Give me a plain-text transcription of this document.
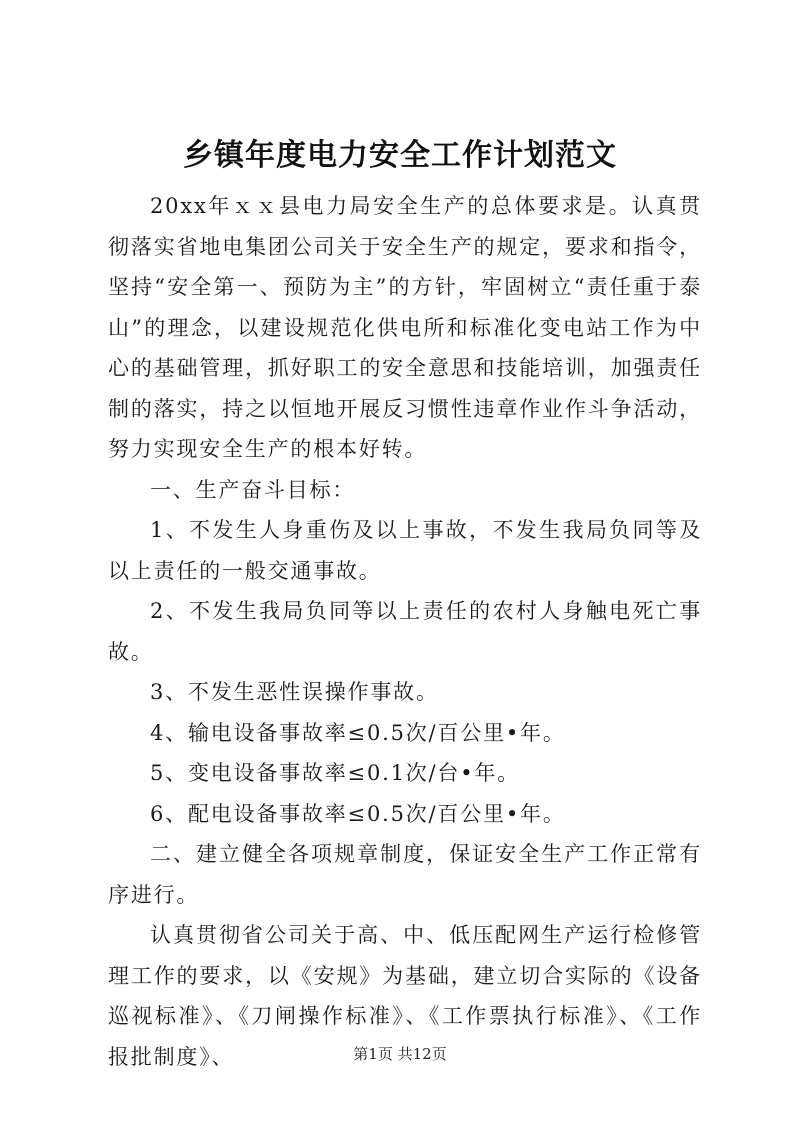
乡镇年度电力安全工作计划范文

20xx年ｘｘ县电力局安全生产的总体要求是。认真贯彻落实省地电集团公司关于安全生产的规定，要求和指令，坚持“安全第一、预防为主”的方针，牢固树立“责任重于泰山”的理念，以建设规范化供电所和标准化变电站工作为中心的基础管理，抓好职工的安全意思和技能培训，加强责任制的落实，持之以恒地开展反习惯性违章作业作斗争活动，努力实现安全生产的根本好转。

一、生产奋斗目标：

1、不发生人身重伤及以上事故，不发生我局负同等及以上责任的一般交通事故。

2、不发生我局负同等以上责任的农村人身触电死亡事故。

3、不发生恶性误操作事故。

4、输电设备事故率≤0.5次/百公里•年。

5、变电设备事故率≤0.1次/台•年。

6、配电设备事故率≤0.5次/百公里•年。

二、建立健全各项规章制度，保证安全生产工作正常有序进行。

认真贯彻省公司关于高、中、低压配网生产运行检修管理工作的要求，以《安规》为基础，建立切合实际的《设备巡视标准》、《刀闸操作标准》、《工作票执行标准》、《工作报批制度》、	第1页 共12页
